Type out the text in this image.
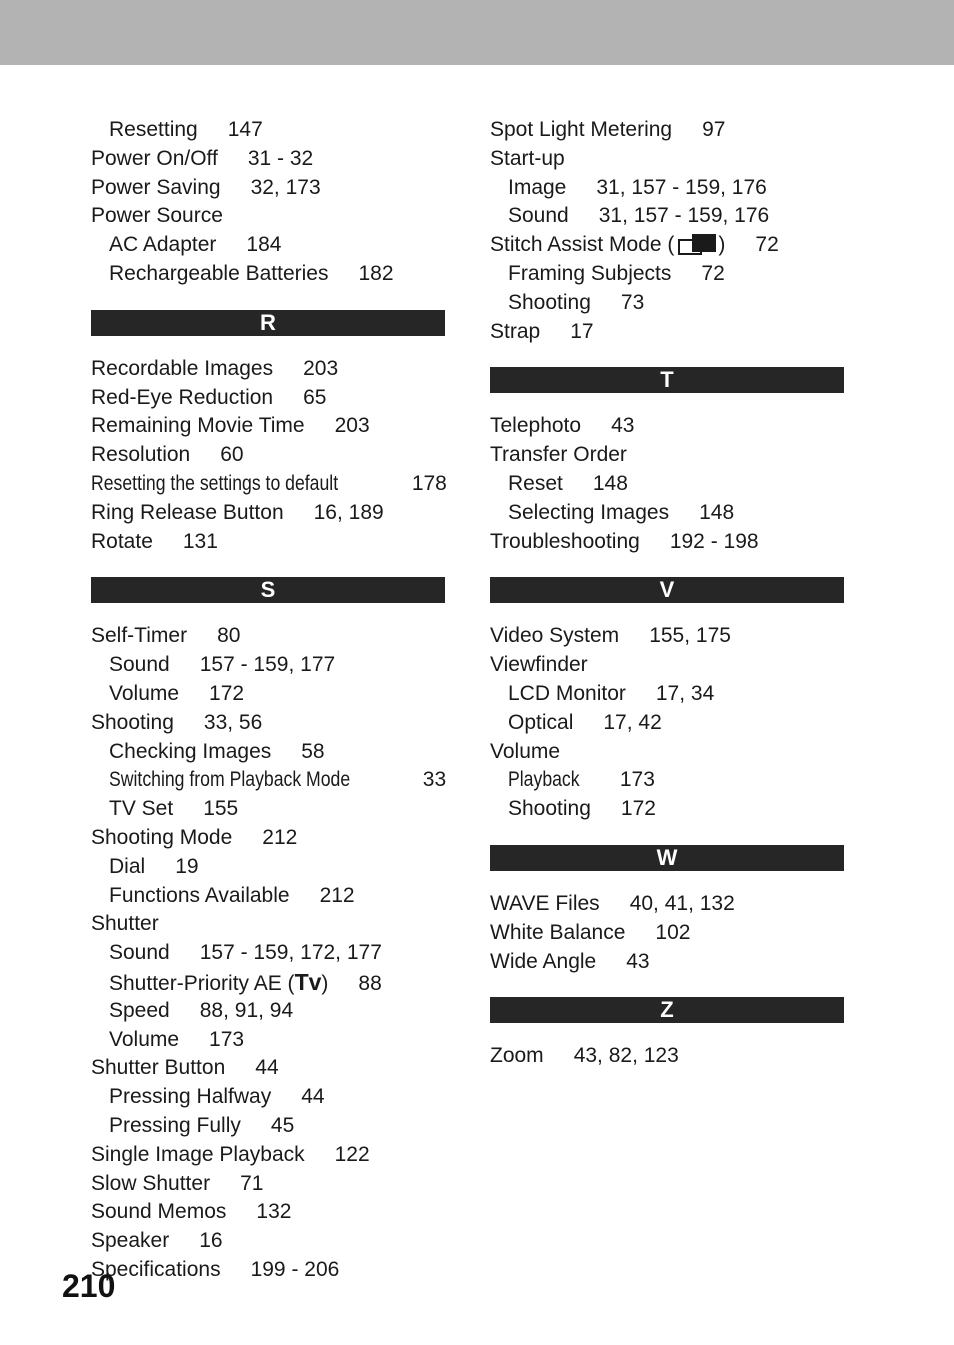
Resetting 147
Power On/Off 31 - 32
Power Saving 32, 173
Power Source
AC Adapter 184
Rechargeable Batteries 182
R
Recordable Images 203
Red-Eye Reduction 65
Remaining Movie Time 203
Resolution 60
Resetting the settings to default	178
Ring Release Button 16, 189
Rotate 131
S
Self-Timer 80
Sound 157 - 159, 177
Volume 172
Shooting 33, 56
Checking Images 58
Switching from Playback Mode	33
TV Set 155
Shooting Mode 212
Dial 19
Functions Available 212
Shutter
Sound 157 - 159, 172, 177
Shutter-Priority AE (Tv) 88
Speed 88, 91, 94
Volume 173
Shutter Button 44
Pressing Halfway 44
Pressing Fully 45
Single Image Playback 122
Slow Shutter 71
Sound Memos 132
Speaker 16
Specifications 199 - 206
Spot Light Metering 97
Start-up
Image 31, 157 - 159, 176
Sound 31, 157 - 159, 176
Stitch Assist Mode ( ) 72
Framing Subjects 72
Shooting 73
Strap 17
T
Telephoto 43
Transfer Order
Reset 148
Selecting Images 148
Troubleshooting 192 - 198
V
Video System 155, 175
Viewfinder
LCD Monitor 17, 34
Optical 17, 42
Volume
Playback 173
Shooting 172
W
WAVE Files 40, 41, 132
White Balance 102
Wide Angle 43
Z
Zoom 43, 82, 123
210
